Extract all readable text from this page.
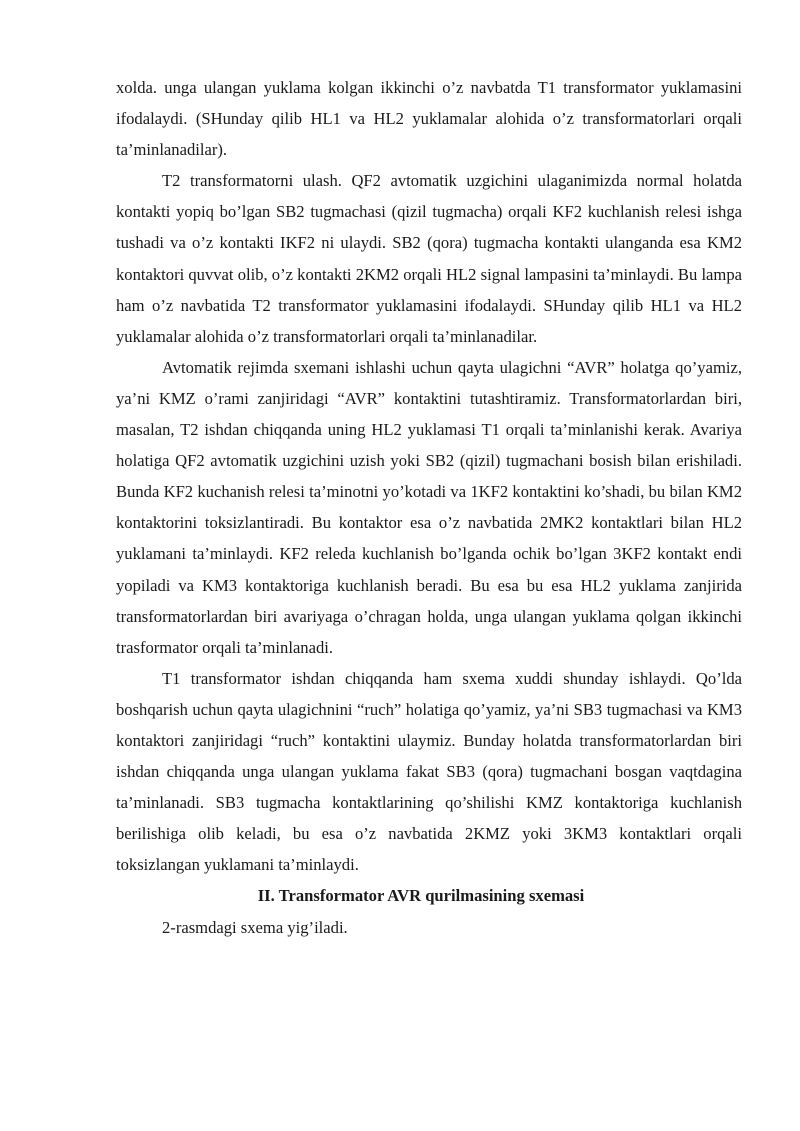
xolda. unga ulangan yuklama kolgan ikkinchi o’z navbatda T1 transformator yuklamasini ifodalaydi. (SHunday qilib HL1 va HL2 yuklamalar alohida o’z transformatorlari orqali ta’minlanadilar).

T2 transformatorni ulash. QF2 avtomatik uzgichini ulaganimizda normal holatda kontakti yopiq bo’lgan SB2 tugmachasi (qizil tugmacha) orqali KF2 kuchlanish relesi ishga tushadi va o’z kontakti IKF2 ni ulaydi. SB2 (qora) tugmacha kontakti ulanganda esa KM2 kontaktori quvvat olib, o’z kontakti 2KM2 orqali HL2 signal lampasini ta’minlaydi. Bu lampa ham o’z navbatida T2 transformator yuklamasini ifodalaydi. SHunday qilib HL1 va HL2 yuklamalar alohida o’z transformatorlari orqali ta’minlanadilar.

Avtomatik rejimda sxemani ishlashi uchun qayta ulagichni “AVR” holatga qo’yamiz, ya’ni KMZ o’rami zanjiridagi “AVR” kontaktini tutashtiramiz. Transformatorlardan biri, masalan, T2 ishdan chiqqanda uning HL2 yuklamasi T1 orqali ta’minlanishi kerak. Avariya holatiga QF2 avtomatik uzgichini uzish yoki SB2 (qizil) tugmachani bosish bilan erishiladi. Bunda KF2 kuchanish relesi ta’minotni yo’kotadi va 1KF2 kontaktini ko’shadi, bu bilan KM2 kontaktorini toksizlantiradi. Bu kontaktor esa o’z navbatida 2MK2 kontaktlari bilan HL2 yuklamani ta’minlaydi. KF2 releda kuchlanish bo’lganda ochik bo’lgan 3KF2 kontakt endi yopiladi va KM3 kontaktoriga kuchlanish beradi. Bu esa bu esa HL2 yuklama zanjirida transformatorlardan biri avariyaga o’chragan holda, unga ulangan yuklama qolgan ikkinchi trasformator orqali ta’minlanadi.

T1 transformator ishdan chiqqanda ham sxema xuddi shunday ishlaydi. Qo’lda boshqarish uchun qayta ulagichnini “ruch” holatiga qo’yamiz, ya’ni SB3 tugmachasi va KM3 kontaktori zanjiridagi “ruch” kontaktini ulaymiz. Bunday holatda transformatorlardan biri ishdan chiqqanda unga ulangan yuklama fakat SB3 (qora) tugmachani bosgan vaqtdagina ta’minlanadi. SB3 tugmacha kontaktlarining qo’shilishi KMZ kontaktoriga kuchlanish berilishiga olib keladi, bu esa o’z navbatida 2KMZ yoki 3KM3 kontaktlari orqali toksizlangan yuklamani ta’minlaydi.

II. Transformator AVR qurilmasining sxemasi

2-rasmdagi sxema yig’iladi.
